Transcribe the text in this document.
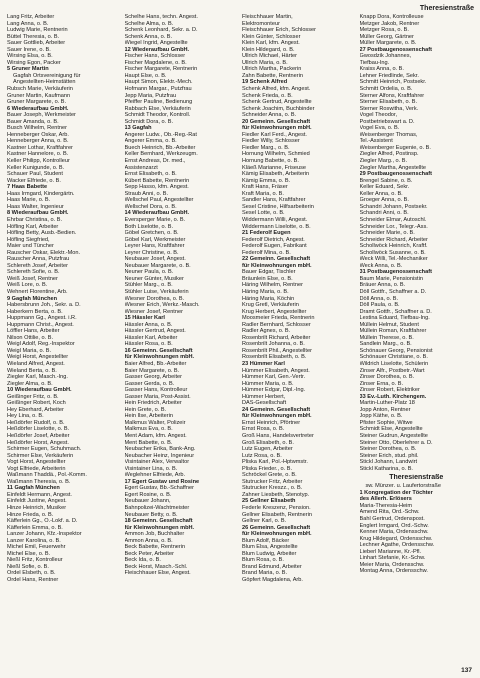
Theresienstraße
Lang Fritz, Arbeiter
Lang Anna, o. B.
Ludwig Marie, Rentnerin
Büttel Theresia, o. B.
Sauer Gottlieb, Arbeiter
Sauer Irene, o. B.
Wirsing Elsa, o. B.
Wirsing Egon, Packer
5 Gruner Martin
Gagfah Ortsvereinigung für
Angestellten-Heimstätten
Rubsch Marie, Verkäuferin
Gruner Martin, Kaufmann
Gruner Margarete, o. B.
6 Wiederaufbau GmbH.
Bauer Joseph, Werkmeister
Bauer Amanda, o. B.
Busch Wilhelm, Rentner
Henneberger Oskar, Arb.
Henneberger Anna, o. B.
Kastner Lothar, Kraftfahrer
Kastner Hannelore, o. B.
Keller Philipp, Kontrolleur
Keller Kunigunde, o. B.
Schauer Paul, Student
Wacker Elfriede, o. B.
7 Haas Babette
Haas Irmgard, Kindergärtn.
Haas Marie, o. B.
Haas Walter, Ingenieur
8 Wiederaufbau GmbH.
Ehrbar Christina, o. B.
Höfling Karl, Arbeiter
Höfling Betty, Ausb.-Bedien.
Höfling Siegfried,
Maier und Tüncher
Rauscher Oskar, Elektr.-Mon.
Rauscher Anna, Putzfrau
Schlereth Josef, Arbeiter
Schlereth Sofie, o. B.
Weiß Josef, Rentner
Weiß Lore, o. B.
Wehnert Florentine, Arb.
9 Gagfah München
Habersbrunn Joh., Sekr. a. D.
Haberkern Berta, o. B.
Huppmann Gg., Angest. i.R.
Huppmann Christ., Angest.
Löffler Hans, Arbeiter
Nilson Ottilie, o. B.
Weigl Adolf, Reg.-Inspektor
Weigl Maria, o. B.
Weigl Horst, Angestellter
Wieland Alfred, Angest.
Wieland Berta, o. B.
Ziegler Karl, Masch.-Ing.
Ziegler Alma, o. B.
10 Wiederaufbau GmbH.
Geißinger Fritz, o. B.
Geißinger Robert, Koch
Hey Eberhard, Arbeiter
Hey Lina, o. B.
Heßdörfer Rudolf, o. B.
Heßdörfer Liselotte, o. B.
Heßdörfer Josef, Arbeiter
Heßdörfer Horst, Angest.
Schirmer Eugen, Schuhmach.
Schirmer Else, Verkäuferin
Vogt Horst, Angestellter
Vogt Elfriede, Arbeiterin
Waßmann Thaddä., Pol.-Komm.
Waßmann Theresia, o. B.
11 Gagfah München
Einfeldt Hermann, Angest.
Einfeldt Justine, Angest.
Hinze Heinrich, Musiker
Hinze Frieda, o. B.
Käfferlein Gg., O.-Lokf. a. D.
Käfferlein Emma, o. B.
Lanzer Johann, Kfz.-Inspektor
Lanzer Karolina, o. B.
Michel Emil, Feuerwehr
Michel Else, o. B.
Nießl Fritz, Kontrolleur
Nießl Sofie, o. B.
Ordel Elsbeth, o. B.
Ordel Hans, Rentner
Schelhe Hans, techn. Angest.
Schelhe Alma, o. B.
Schenk Leonhard, Sekr. a. D.
Schenk Anna, o. B.
Wiegel Ingrid, Angestellte
12 Wiederaufbau GmbH.
Fischer Hans, Schlosser
Fischer Magdalene, o. B.
Fischer Margarete, Rentnerin
Haupt Else, o. B.
Haupt Simon, Elektr.-Mech.
Hofmann Margar., Putzfrau
Jepp Maria, Putzfrau
Pfeiffer Pauline, Bedienung
Rabbach Else, Verkäuferin
Schmidt Theodor, Kontroll.
Schmidt Dora, o. B.
13 Gagfah
Angerer Ludw., Ob.-Reg.-Rat
Angerer Emma, o. B.
Buech Heinrich, Bb.-Arbeiter
Keller Bernhard, Werkzeugm.
Ernst Andreas, Dr. med.,
Assistenzarzt
Ernst Elisabeth, o. B.
Kübert Babette, Rentnerin
Sepp Hasso, kfm. Angest.
Straub Anni, o. B.
Wellschel Paul, Angestellter
Wellschel Dora, o. B.
14 Wiederaufbau GmbH.
Eversperger Marie, o. B.
Both Liselotte, o. B.
Göbel Gretchen, o. B.
Göbel Karl, Werkmeister
Leyrer Hans, Kraftfahrer
Leyrer Christine, o. B.
Neubauer Josef, Angest.
Neubauer Margarete, o. B.
Neuner Paula, o. B.
Neuner Günter, Musiker
Stühler Marg., o. B.
Stühler Luise, Verkäuferin
Wiesner Dorothea, o. B.
Wiesner Erich, Werkz.-Masch.
Wiesner Josef, Rentner
15 Hässler Karl
Hässler Anna, o. B.
Hässler Gertrud, Angest.
Hässler Karl, Arbeiter
Hässler Rosa, o. B.
16 Gemeinn. Gesellschaft
für Kleinwohnungen mbH.
Baier Alfred, Bb.-Arbeiter
Baier Margarete, o. B.
Gasser Georg, Arbeiter
Gasser Gerda, o. B.
Gasser Hans, Kontrolleur
Gasser Maria, Post-Assist.
Hein Friedrich, Arbeiter
Hein Grete, o. B.
Hein Ilse, Arbeiterin
Malkmus Walter, Polizeir
Malkmus Eva, o. B.
Ment Adam, kfm. Angest.
Ment Babette, o. B.
Neubacher Erika, Bank-Ang.
Neubacher Heinz, Ingenieur
Visintainer Alex, Verwaltor
Visintainer Lina, o. B.
Weglehner Elfriede, Arb.
17 Egert Gustav und Rosine
Egert Gustav, Bb.-Schaffner
Egert Rosine, o. B.
Neubauer Johann,
Bahnpolizei-Wachtmeister
Neubauer Betty, o. B.
18 Gemeinn. Gesellschaft
für Kleinwohnungen mbH.
Ammon Job, Buchhalter
Ammon Anna, o. B.
Beck Babette, Rentnerin
Beck Peter, Arbeiter
Beck Ida, o. B.
Beck Horst, Masch.-Schl.
Fleischhauer Else, Angest.
Fleischhauer Martin,
Elektromonteur
Fleischhauer Erich, Schlosser
Klein Günter, Schlosser
Klein Karl, kfm. Angest.
Klein Hildegard, o. B.
Ullrich Michael, Härter
Ullrich Maria, o. B.
Ullrich Martha, Packerin
Zahn Babette, Rentnerin
19 Schenk Alfred
Schenk Alfred, kfm. Angest.
Schenk Frieda, o. B.
Schenk Gertrud, Angestellte
Schenk Joachim, Buchbinder
Schneider Anna, o. B.
20 Gemeinn. Gesellschaft
für Kleinwohnungen mbH.
Fiedler Karl Ferd., Angest.
Fiedler Willy, Schlosser
Fiedler Marg., o. B.
Hornung Wilhelm, Schmied
Hornung Babette, o. B.
Kläeß Marianne, Friseuse
Kämig Elisabeth, Arbeiterin
Kämig Emma, o. B.
Kraft Hans, Fräser
Kraft Maria, o. B.
Sandler Hans, Kraftfahrer
Sesel Cristine, Hilfsarbeiterin
Sesel Lotte, o. B.
Widdermann Willi, Angest.
Widdermann Liselotte, o. B.
21 Federolf Eugen
Federolf Dietrich, Angest.
Federolf Eugen, Fabrikant
Federolf Mina, o. B.
22 Gemeinn. Gesellschaft
für Kleinwohnungen mbH.
Bauer Edgar, Tischler
Bräunlein Else, o. B.
Häring Wilhelm, Rentner
Häring Maria, o. B.
Häring Maria, Köchin
Krug Gretl, Verkäuferin
Krug Herbert, Angestellter
Moosmeier Frieda, Rentnerin
Radler Bernhard, Schlosser
Radler Agnes, o. B.
Rosenbrilt Richard, Arbeiter
Rosenbrilt Johanna, o. B.
Rosenbrilt Phil., Angestellter
Rosenbrilt Elisabeth, o. B.
23 Hümmer Karl
Hümmer Elisabeth, Angest.
Hümmer Karl, Gen.-Vertr.
Hümmer Maria, o. B.
Hümmer Edgar, Dipl.-Ing.
Hümmer Herbert,
DAS-Gesellschaft
24 Gemeinn. Gesellschaft
für Kleinwohnungen mbH.
Ernst Heinrich, Pförtner
Ernst Rosa, o. B.
Groß Hans, Handelsvertreter
Groß Elisabeth, o. B.
Lutz Eugen, Arbeiter
Lutz Rosa, o. B.
Pliska Karl, Pol.-Hptwmstr.
Pliska Frieder., o. B.
Schröckel Grete, o. B.
Stutrucker Fritz, Arbeiter
Stutrucker Kreszz., o. B.
Zahner Liesbeth, Stenotyp.
25 Gellner Elisabeth
Federle Kreszenz, Pension.
Gellner Elisabeth, Rentnerin
Gellner Karl, o. B.
26 Gemeinn. Gesellschaft
für Kleinwohnungen mbH.
Blum Adolf, Bäcker
Blum Elsa, Angestellte
Blum Ludwig, Arbeiter
Blum Rosa, o. B.
Brand Edmund, Arbeiter
Brand Maria, o. B.
Göpfert Magdalena, Arb.
Knapp Dora, Kontrolleuse
Metzger Jakob, Rentner
Metzger Rosa, o. B.
Müller Georg, Gärtner
Müller Margarete, o. B.
27 Postbaugenossenschaft
Gwosdzik Johannes,
Tiefbau-Ing.
Kraiss Anna, o. B.
Lehner Friedlinde, Sekr.
Schmitt Heinrich, Postsekr.
Schmitt Ordelia, o. B.
Sterner Alfons, Kraftfahrer
Sterner Elisabeth, o. B.
Sterner Roswitha, Verk.
Vogel Theodor,
Postbetriebswart a. D.
Vogel Eva, o. B.
Weisenberger Thomas,
Tel.-Assistent
Weisenberger Eugenie, o. B.
Ziegler Alfred, Postinsp.
Ziegler Marg., o. B.
Ziegler Martha, Angestellte
29 Postbaugenossenschaft
Brengel Sabine, o. B.
Keller Eduard, Sekr.
Keller Anna, o. B.
Groeger Anna, o. B.
Schandri Johann, Postsekr.
Schandri Anni, o. B.
Schneider Elmar, Autoschl.
Schneider Lor., Telegr.-Ass.
Schneider Marie, o. B.
Schneider Richard, Arbeiter
Schollwöck Heinrich, Kraftf.
Schollwöck Susanne, o. B.
Weck Willi, Tel.-Mechaniker
Weck Anna, o. B.
31 Postbaugenossenschaft
Baum Marie, Pensionistin
Bräuer Anna, o. B.
Döll Gottfr., Schaffner a. D.
Döll Anna, o. B.
Döll Paula, o. B.
Dramt Gottfr., Schaffner a. D.
Lestina Eduard, Tiefbau-Ing.
Müllein Helmut, Student
Müllein Roman, Kraftfahrer
Müllein Therese, o. B.
Sandlein Marg., o. B.
Schönauer Georg, Pensionist
Schönauer Christiane, o. B.
Wildrich Liselotte, Schülerin
Zinser Alfr., Postbetr.-Wart
Zinser Dorothea, o. B.
Zinser Erna, o. B.
Zinser Robert, Elektriker
33 Ev.-Luth. Kirchengem.
Martin-Luther-Platz 18
Jopp Anton, Rentner
Jopp Käthe, o. B.
Pfister Sophie, Witwe
Schmidt Else, Angestellte
Steiner Gudrun, Angestellte
Steiner Otto, Oberlehrer a. D.
Steiner Dorothea, o. B.
Steiner Erich, stud. phil.
Stickl Johann, Landwirt
Stickl Katharina, o. B.
Theresienstraße
sw. Münzer. u. Laufertorstraße
1 Kongregation der Töchter
des Allerh. Erlösers
Maria-Theresia-Heim
Amend Rita, Ord.-Schw.
Bahl Gertrud, Ordenspost.
Englert Irmgard, Ord.-Schw.
Kenner Maria, Ordensschw.
Krug Hildegard, Ordensschw.
Lechner Agathe, Ordensschw.
Lieberl Marianne, Kr.-Pfl.
Linhart Stefanie, Kr.-Schw.
Meier Maria, Ordensschw.
Montag Anna, Ordensschw.
137
